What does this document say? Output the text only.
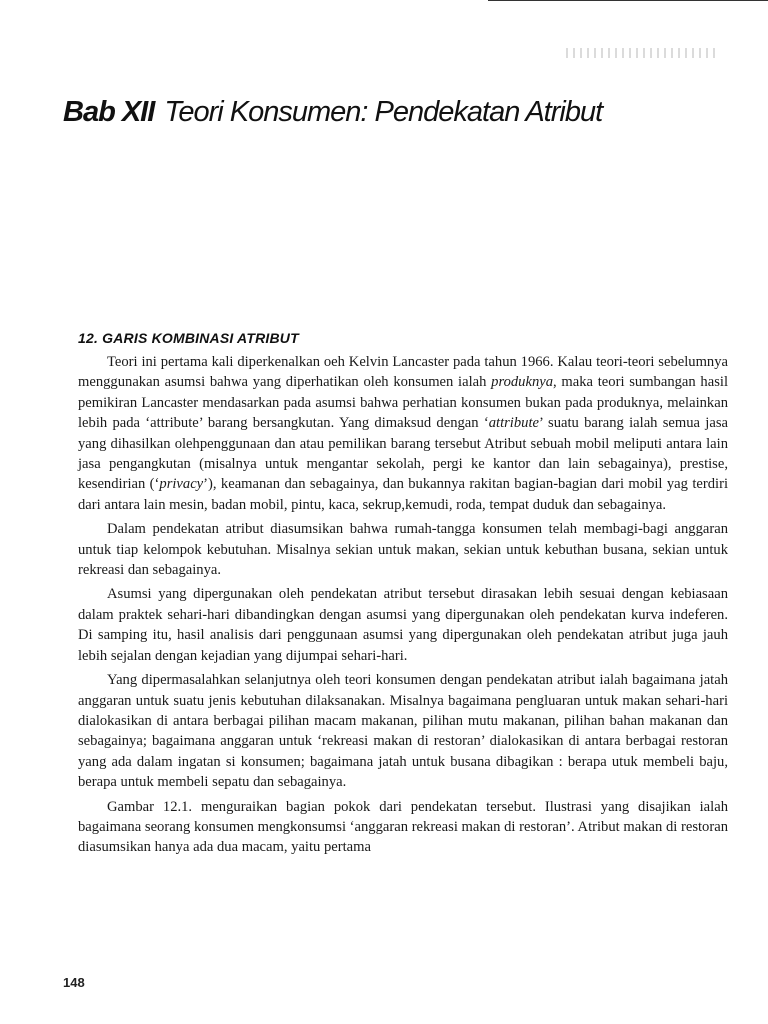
Bab XII Teori Konsumen: Pendekatan Atribut
12. GARIS KOMBINASI ATRIBUT

Teori ini pertama kali diperkenalkan oeh Kelvin Lancaster pada tahun 1966. Kalau teori-teori sebelumnya menggunakan asumsi bahwa yang diperhatikan oleh konsumen ialah produknya, maka teori sumbangan hasil pemikiran Lancaster mendasarkan pada asumsi bahwa perhatian konsumen bukan pada produknya, melainkan lebih pada ‘attribute’ barang bersangkutan. Yang dimaksud dengan ‘attribute’ suatu barang ialah semua jasa yang dihasilkan olehpenggunaan dan atau pemilikan barang tersebut Atribut sebuah mobil meliputi antara lain jasa pengangkutan (misalnya untuk mengantar sekolah, pergi ke kantor dan lain sebagainya), prestise, kesendirian (‘privacy’), keamanan dan sebagainya, dan bukannya rakitan bagian-bagian dari mobil yag terdiri dari antara lain mesin, badan mobil, pintu, kaca, sekrup,kemudi, roda, tempat duduk dan sebagainya.

Dalam pendekatan atribut diasumsikan bahwa rumah-tangga konsumen telah membagi-bagi anggaran untuk tiap kelompok kebutuhan. Misalnya sekian untuk makan, sekian untuk kebuthan busana, sekian untuk rekreasi dan sebagainya.

Asumsi yang dipergunakan oleh pendekatan atribut tersebut dirasakan lebih sesuai dengan kebiasaan dalam praktek sehari-hari dibandingkan dengan asumsi yang dipergunakan oleh pendekatan kurva indeferen. Di samping itu, hasil analisis dari penggunaan asumsi yang dipergunakan oleh pendekatan atribut juga jauh lebih sejalan dengan kejadian yang dijumpai sehari-hari.

Yang dipermasalahkan selanjutnya oleh teori konsumen dengan pendekatan atribut ialah bagaimana jatah anggaran untuk suatu jenis kebutuhan dilaksanakan. Misalnya bagaimana pengluaran untuk makan sehari-hari dialokasikan di antara berbagai pilihan macam makanan, pilihan mutu makanan, pilihan bahan makanan dan sebagainya; bagaimana anggaran untuk ‘rekreasi makan di restoran’ dialokasikan di antara berbagai restoran yang ada dalam ingatan si konsumen; bagaimana jatah untuk busana dibagikan : berapa utuk membeli baju, berapa untuk membeli sepatu dan sebagainya.

Gambar 12.1. menguraikan bagian pokok dari pendekatan tersebut. Ilustrasi yang disajikan ialah bagaimana seorang konsumen mengkonsumsi ‘anggaran rekreasi makan di restoran’. Atribut makan di restoran diasumsikan hanya ada dua macam, yaitu pertama

148
